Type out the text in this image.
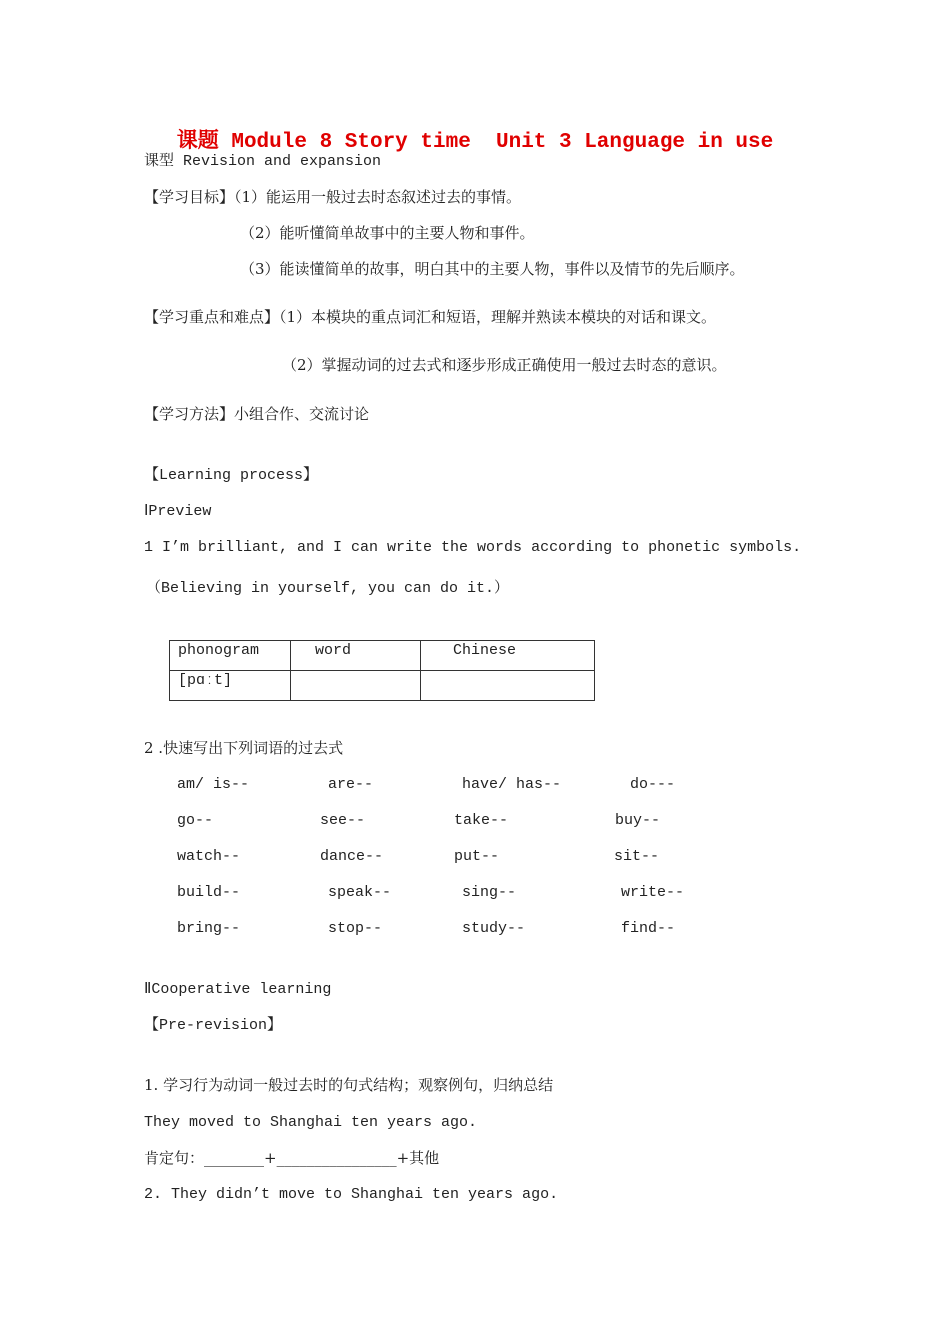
课题 Module 8 Story time  Unit 3 Language in use
课型 Revision and expansion
【学习目标】（1）能运用一般过去时态叙述过去的事情。
（2）能听懂简单故事中的主要人物和事件。
（3）能读懂简单的故事，明白其中的主要人物，事件以及情节的先后顺序。
【学习重点和难点】（1）本模块的重点词汇和短语，理解并熟读本模块的对话和课文。
（2）掌握动词的过去式和逐步形成正确使用一般过去时态的意识。
【学习方法】小组合作、交流讨论
【Learning process】
ⅠPreview
1 I’m brilliant, and I can write the words according to phonetic symbols.
（Believing in yourself, you can do it.）
phonogram	word	Chinese
[pɑːt]		
2 .快速写出下列词语的过去式
am/ is--	are--	have/ has--	do---
go--	see--	take--	buy--
watch--	dance--	put--	sit--
build--	speak--	sing--	write--
bring--	stop--	study--	find--
ⅡCooperative learning
【Pre-revision】
1. 学习行为动词一般过去时的句式结构；观察例句，归纳总结
They moved to Shanghai ten years ago.
肯定句：________+________________+其他
2. They didn’t move to Shanghai ten years ago.
